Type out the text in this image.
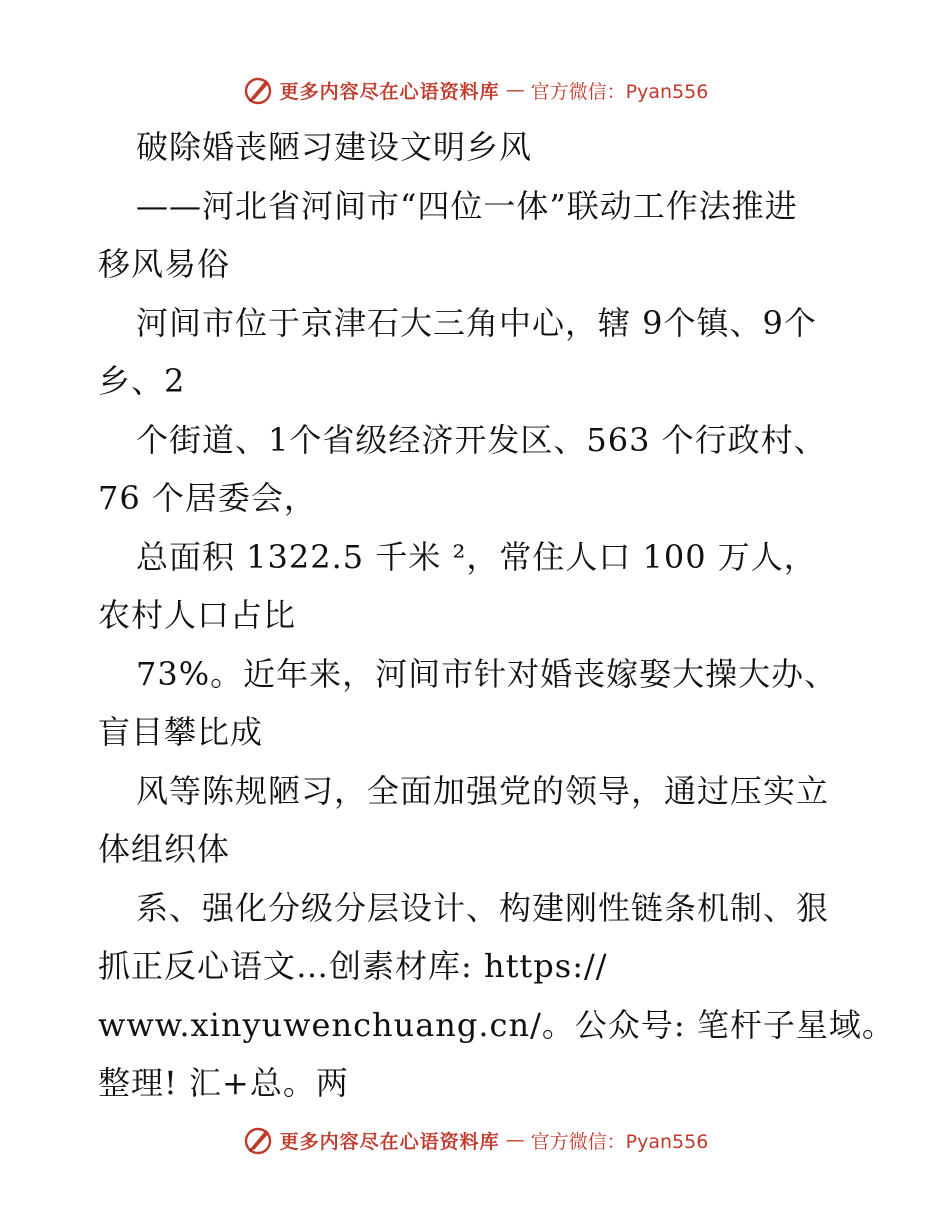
更多内容尽在心语资料库 — 官方微信：Pyan556
破除婚丧陋习建设文明乡风
——河北省河间市“四位一体”联动工作法推进
移风易俗
河间市位于京津石大三角中心，辖 9个镇、9个
乡、2
个街道、1个省级经济开发区、563 个行政村、
76 个居委会，
总面积 1322.5 千米 ²，常住人口 100 万人，
农村人口占比
73%。近年来，河间市针对婚丧嫁娶大操大办、
盲目攀比成
风等陈规陋习，全面加强党的领导，通过压实立
体组织体
系、强化分级分层设计、构建刚性链条机制、狠
抓正反心语文…创素材库: https://
www.xinyuwenchuang.cn/。公众号: 笔杆子星域。
整理! 汇+总。两
更多内容尽在心语资料库 — 官方微信：Pyan556
